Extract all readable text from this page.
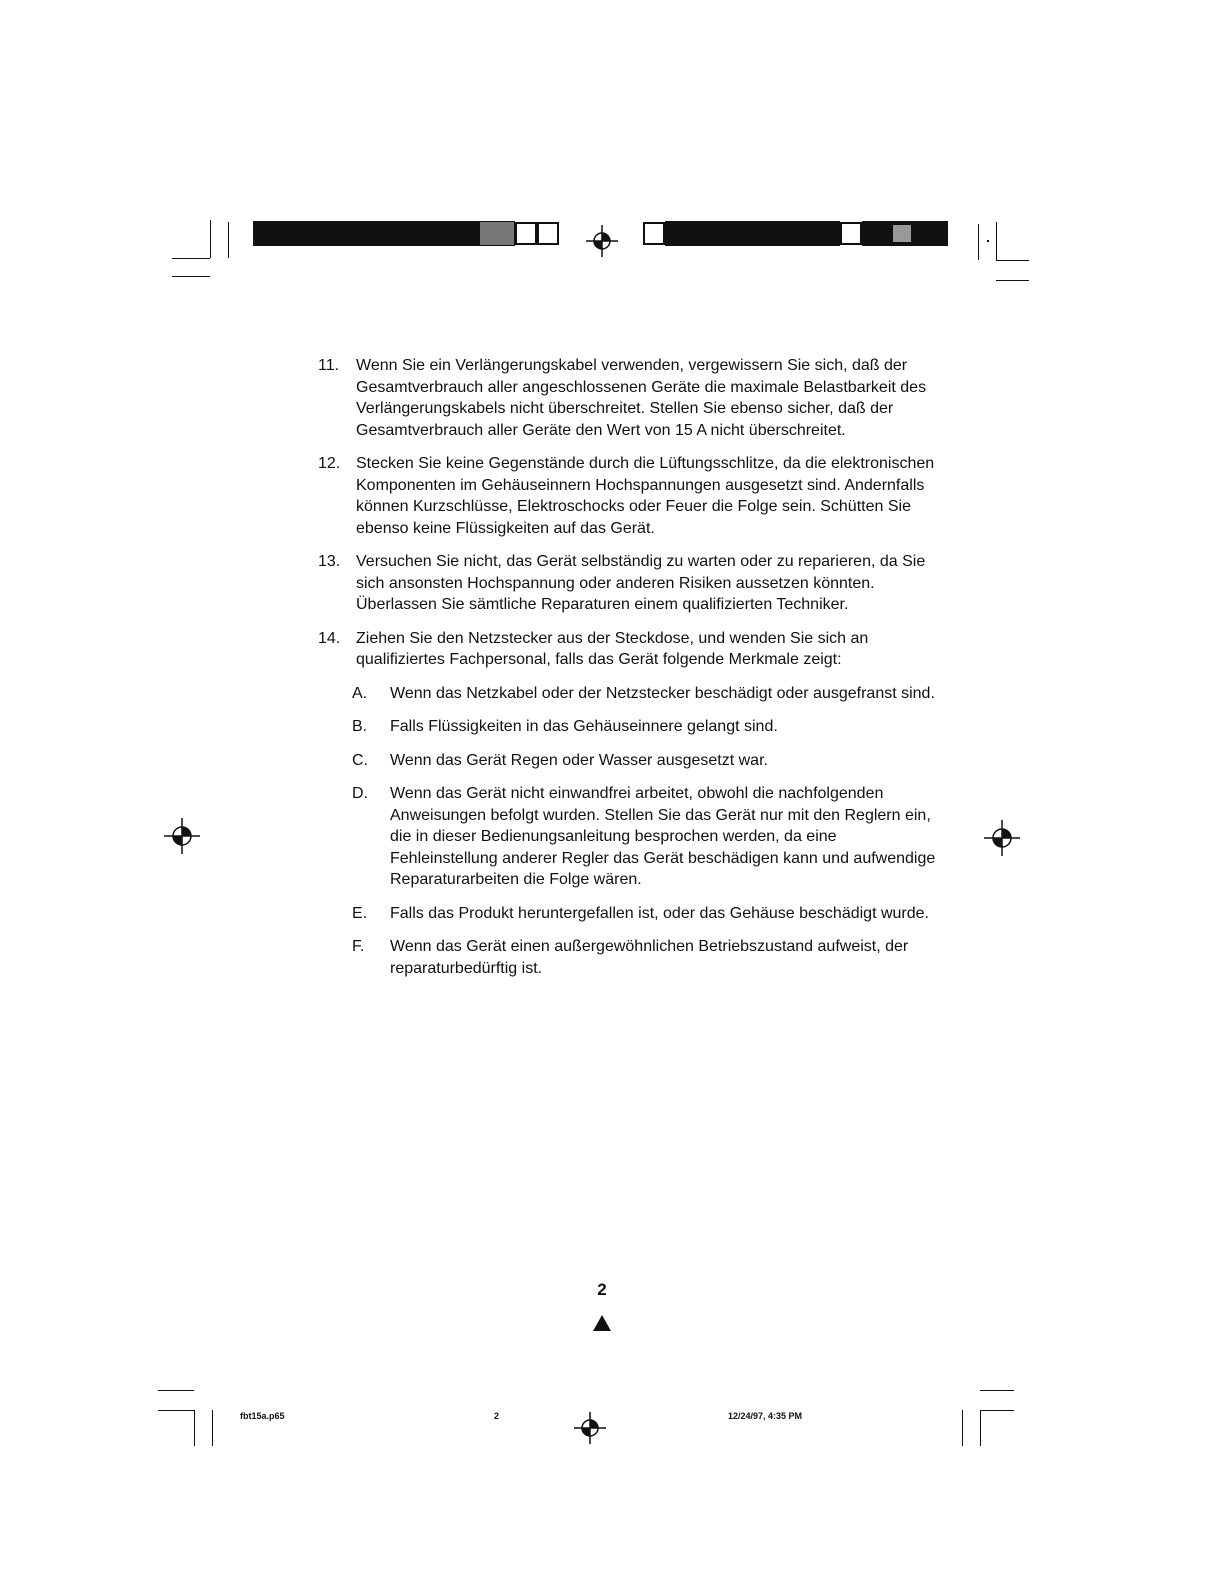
11.	Wenn Sie ein Verlängerungskabel verwenden, vergewissern Sie sich, daß der Gesamtverbrauch aller angeschlossenen Geräte die maximale Belastbarkeit des Verlängerungskabels nicht überschreitet. Stellen Sie ebenso sicher, daß der Gesamtverbrauch aller Geräte den Wert von 15 A nicht überschreitet.
12. Stecken Sie keine Gegenstände durch die Lüftungsschlitze, da die elektronischen Komponenten im Gehäuseinnern Hochspannungen ausgesetzt sind. Andernfalls können Kurzschlüsse, Elektroschocks oder Feuer die Folge sein. Schütten Sie ebenso keine Flüssigkeiten auf das Gerät.
13. Versuchen Sie nicht, das Gerät selbständig zu warten oder zu reparieren, da Sie sich ansonsten Hochspannung oder anderen Risiken aussetzen könnten. Überlassen Sie sämtliche Reparaturen einem qualifizierten Techniker.
14. Ziehen Sie den Netzstecker aus der Steckdose, und wenden Sie sich an qualifiziertes Fachpersonal, falls das Gerät folgende Merkmale zeigt:
A. Wenn das Netzkabel oder der Netzstecker beschädigt oder ausgefranst sind.
B. Falls Flüssigkeiten in das Gehäuseinnere gelangt sind.
C. Wenn das Gerät Regen oder Wasser ausgesetzt war.
D. Wenn das Gerät nicht einwandfrei arbeitet, obwohl die nachfolgenden Anweisungen befolgt wurden. Stellen Sie das Gerät nur mit den Reglern ein, die in dieser Bedienungsanleitung besprochen werden, da eine Fehleinstellung anderer Regler das Gerät beschädigen kann und aufwendige Reparaturarbeiten die Folge wären.
E. Falls das Produkt heruntergefallen ist, oder das Gehäuse beschädigt wurde.
F. Wenn das Gerät einen außergewöhnlichen Betriebszustand aufweist, der reparaturbedürftig ist.
2
fbt15a.p65	2	12/24/97, 4:35 PM
